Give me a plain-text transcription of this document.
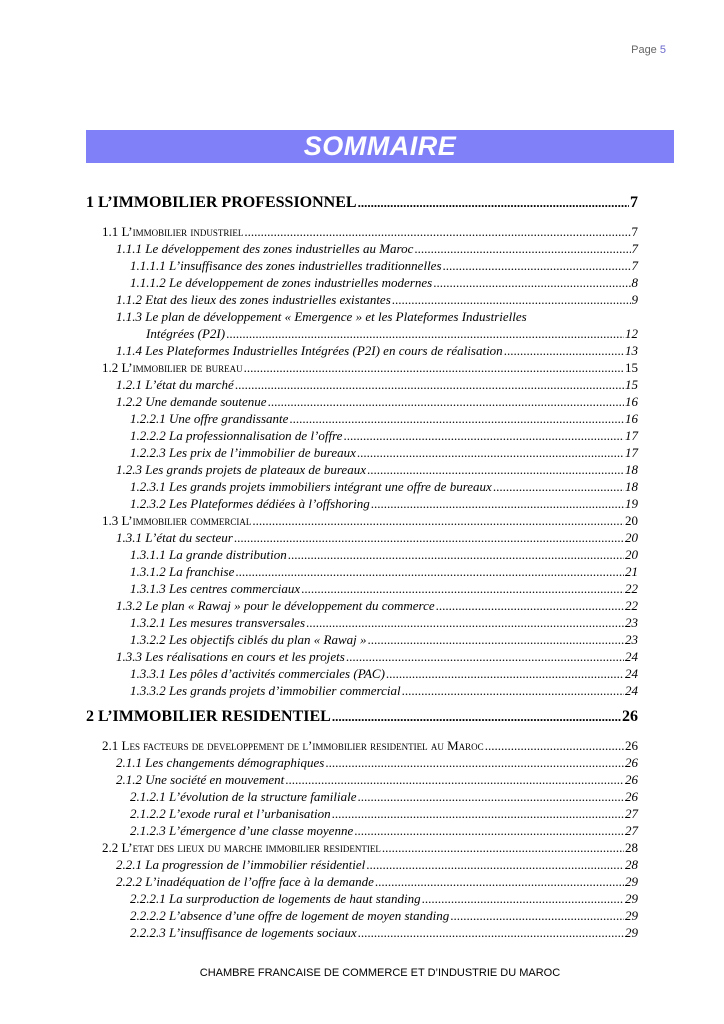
Page 5
SOMMAIRE
1 L’IMMOBILIER PROFESSIONNEL .....	7
1.1 L’immobilier industriel .....	7
1.1.1 Le développement des zones industrielles au Maroc .....	7
1.1.1.1 L’insuffisance des zones industrielles traditionnelles .....	7
1.1.1.2 Le développement de zones industrielles modernes .....	8
1.1.2 Etat des lieux des zones industrielles existantes .....	9
1.1.3 Le plan de développement « Emergence » et les Plateformes Industrielles
Intégrées (P2I) .....	12
1.1.4 Les Plateformes Industrielles Intégrées (P2I) en cours de réalisation .....	13
1.2 L’immobilier de bureau .....	15
1.2.1 L’état du marché .....	15
1.2.2 Une demande soutenue .....	16
1.2.2.1 Une offre grandissante .....	16
1.2.2.2 La professionnalisation de l’offre .....	17
1.2.2.3 Les prix de l’immobilier de bureaux .....	17
1.2.3 Les grands projets de plateaux de bureaux .....	18
1.2.3.1 Les grands projets immobiliers intégrant une offre de bureaux .....	18
1.2.3.2 Les Plateformes dédiées à l’offshoring .....	19
1.3 L’immobilier commercial .....	20
1.3.1 L’état du secteur .....	20
1.3.1.1 La grande distribution .....	20
1.3.1.2 La franchise .....	21
1.3.1.3 Les centres commerciaux .....	22
1.3.2 Le plan « Rawaj » pour le développement du commerce .....	22
1.3.2.1 Les mesures transversales .....	23
1.3.2.2 Les objectifs ciblés du plan « Rawaj » .....	23
1.3.3 Les réalisations en cours et les projets .....	24
1.3.3.1 Les pôles d’activités commerciales (PAC) .....	24
1.3.3.2 Les grands projets d’immobilier commercial .....	24
2 L’IMMOBILIER RESIDENTIEL .....	26
2.1 Les facteurs de developpement de l’immobilier residentiel au Maroc .....	26
2.1.1 Les changements démographiques .....	26
2.1.2 Une société en mouvement .....	26
2.1.2.1 L’évolution de la structure familiale .....	26
2.1.2.2 L’exode rural et l’urbanisation .....	27
2.1.2.3 L’émergence d’une classe moyenne .....	27
2.2 L’etat des lieux du marche immobilier residentiel .....	28
2.2.1 La progression de l’immobilier résidentiel .....	28
2.2.2 L’inadéquation de l’offre face à la demande .....	29
2.2.2.1 La surproduction de logements de haut standing .....	29
2.2.2.2 L’absence d’une offre de logement de moyen standing .....	29
2.2.2.3 L’insuffisance de logements sociaux .....	29
CHAMBRE FRANCAISE DE COMMERCE ET D’INDUSTRIE DU MAROC
